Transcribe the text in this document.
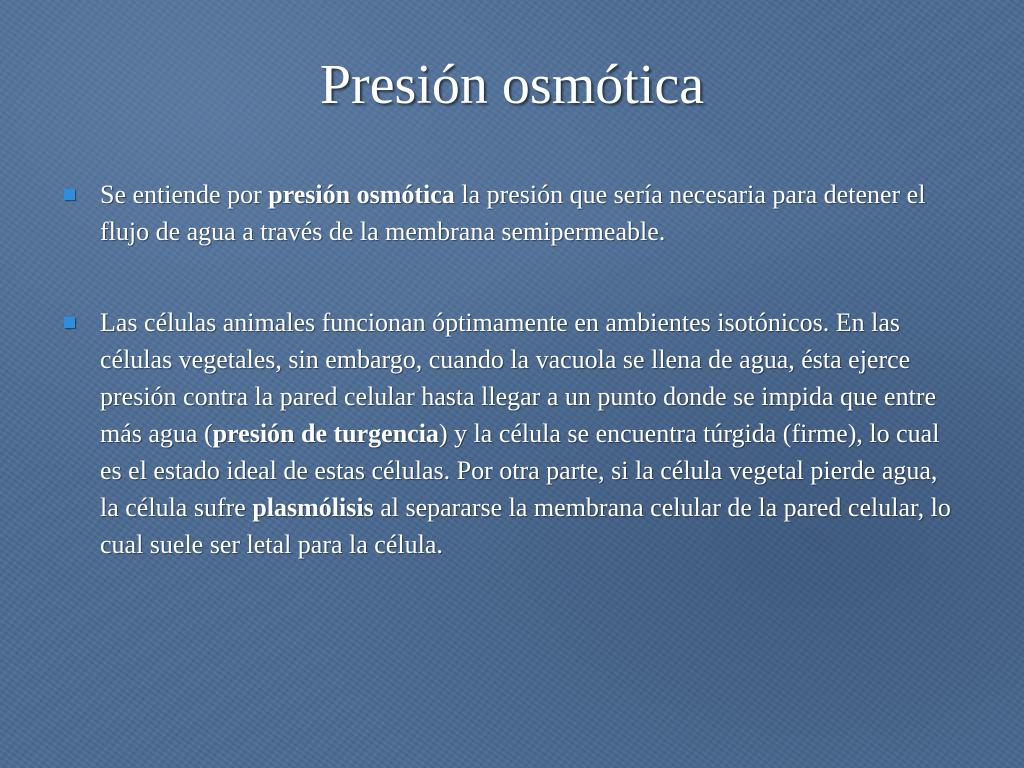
Presión osmótica
Se entiende por presión osmótica la presión que sería necesaria para detener el flujo de agua a través de la membrana semipermeable.
Las células animales funcionan óptimamente en ambientes isotónicos. En las células vegetales, sin embargo, cuando la vacuola se llena de agua, ésta ejerce presión contra la pared celular hasta llegar a un punto donde se impida que entre más agua (presión de turgencia) y la célula se encuentra túrgida (firme), lo cual es el estado ideal de estas células. Por otra parte, si la célula vegetal pierde agua, la célula sufre plasmólisis al separarse la membrana celular de la pared celular, lo cual suele ser letal para la célula.
